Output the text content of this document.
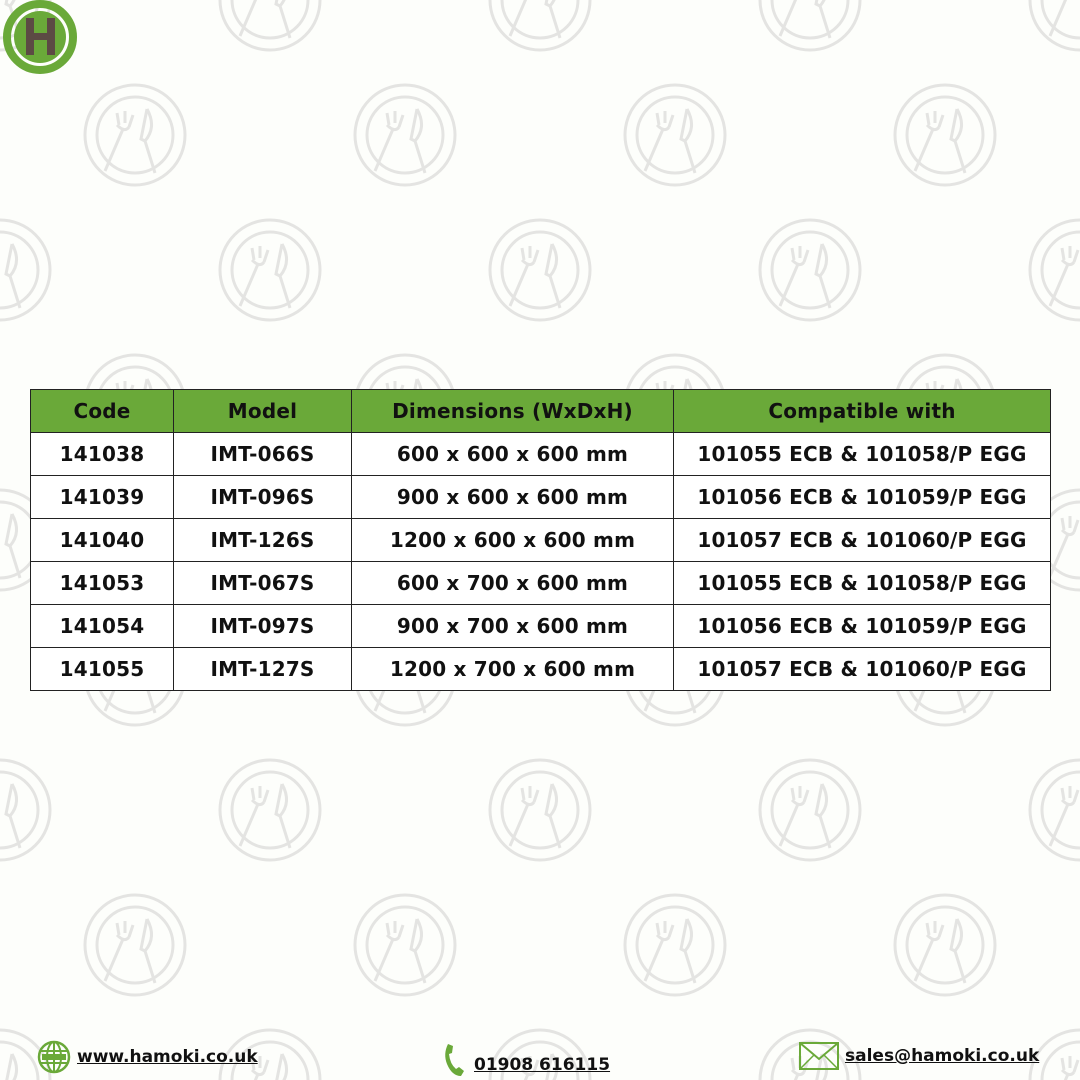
Code	Model	Dimensions (WxDxH)	Compatible with
141038	IMT-066S	600 x 600 x 600 mm	101055 ECB & 101058/P EGG
141039	IMT-096S	900 x 600 x 600 mm	101056 ECB & 101059/P EGG
141040	IMT-126S	1200 x 600 x 600 mm	101057 ECB & 101060/P EGG
141053	IMT-067S	600 x 700 x 600 mm	101055 ECB & 101058/P EGG
141054	IMT-097S	900 x 700 x 600 mm	101056 ECB & 101059/P EGG
141055	IMT-127S	1200 x 700 x 600 mm	101057 ECB & 101060/P EGG
www.hamoki.co.uk	01908 616115	sales@hamoki.co.uk
